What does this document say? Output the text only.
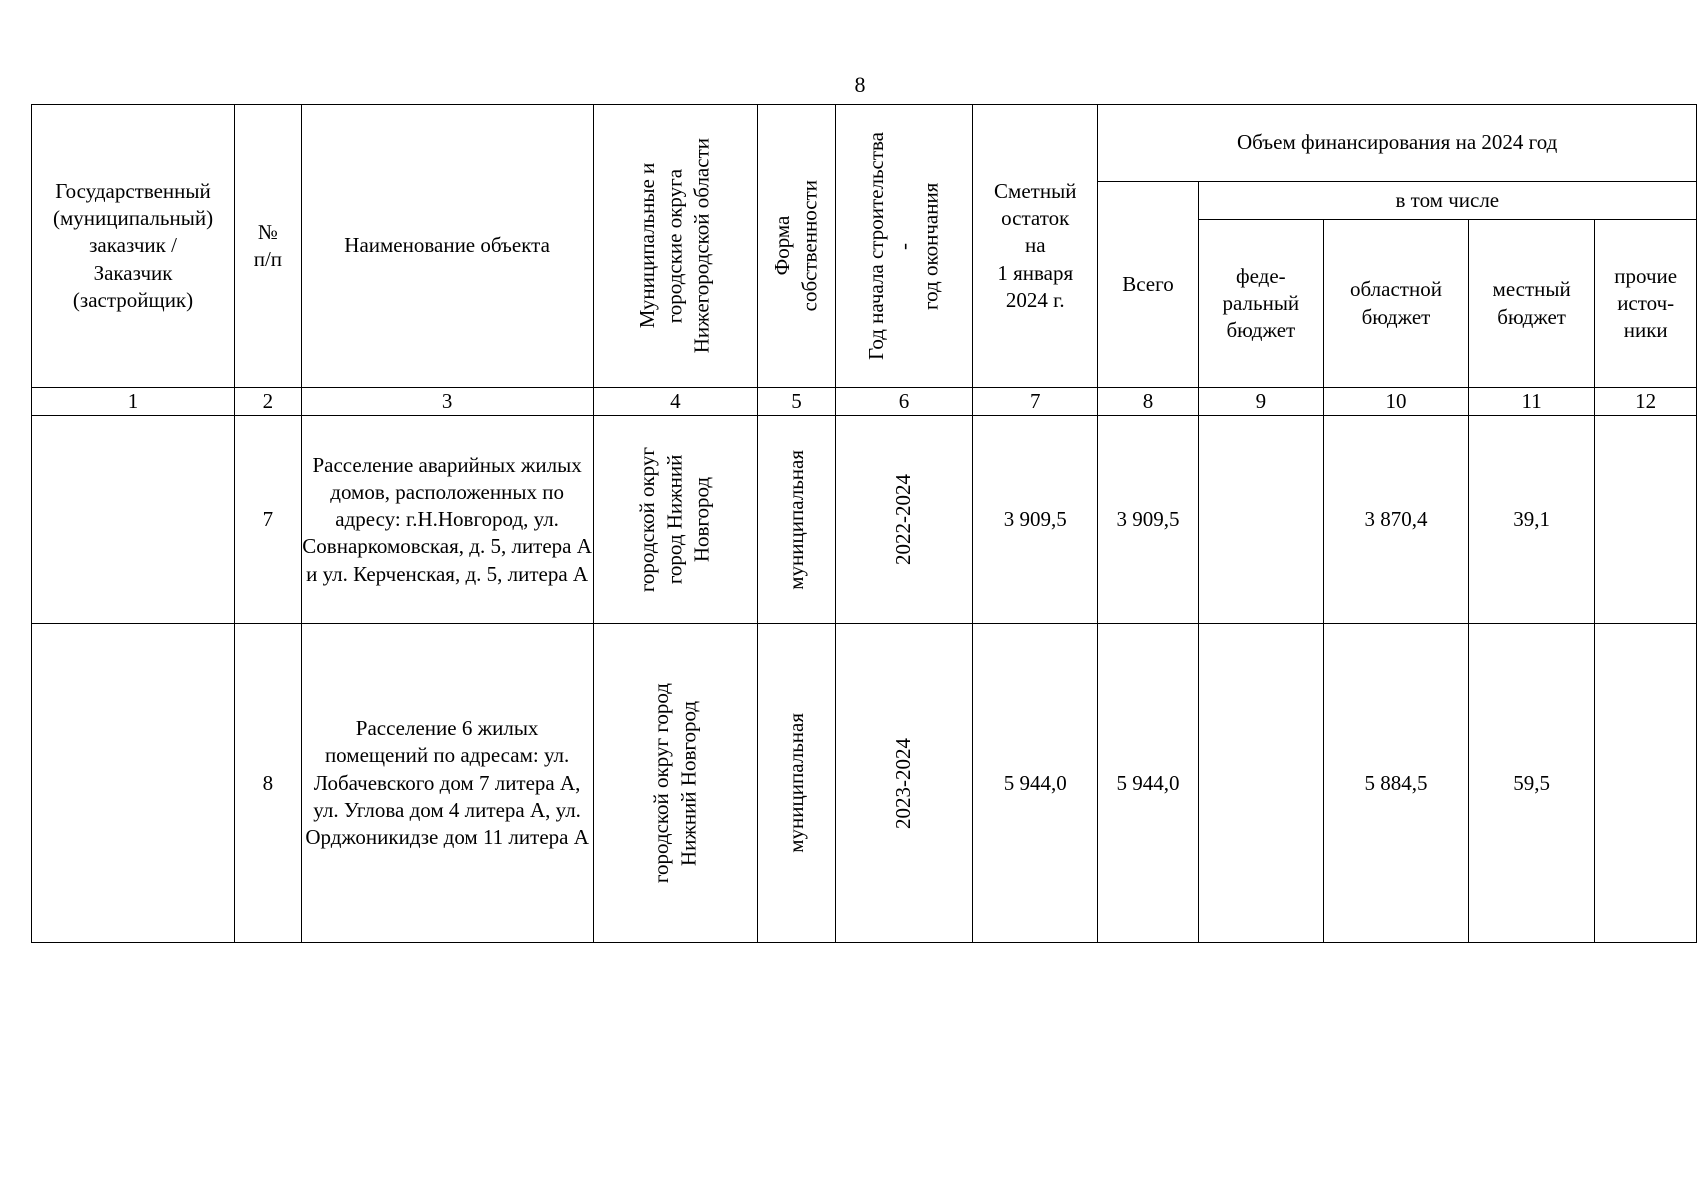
8
Государственный
(муниципальный)
заказчик /
Заказчик
(застройщик)	№
п/п	Наименование объекта	Муниципальные и
городские округа
Нижегородской области	Форма
собственности	Год начала строительства
-
год окончания	Сметный
остаток
на
1 января
2024 г.	Объем финансирования на 2024 год				
							Всего	в том числе			
								феде-
ральный
бюджет	областной
бюджет	местный
бюджет	прочие
источ-
ники
1	2	3	4	5	6	7	8	9	10	11	12
	7	Расселение аварийных жилых домов, расположенных по адресу: г.Н.Новгород, ул. Совнаркомовская, д. 5, литера А и ул. Керченская, д. 5, литера А	городской округ
город Нижний
Новгород	муниципальная	2022-2024	3 909,5	3 909,5		3 870,4	39,1	
	8	Расселение 6 жилых помещений по адресам: ул. Лобачевского дом 7 литера А, ул. Углова дом 4 литера А, ул. Орджоникидзе дом 11 литера А	городской округ город
Нижний Новгород	муниципальная	2023-2024	5 944,0	5 944,0		5 884,5	59,5	
